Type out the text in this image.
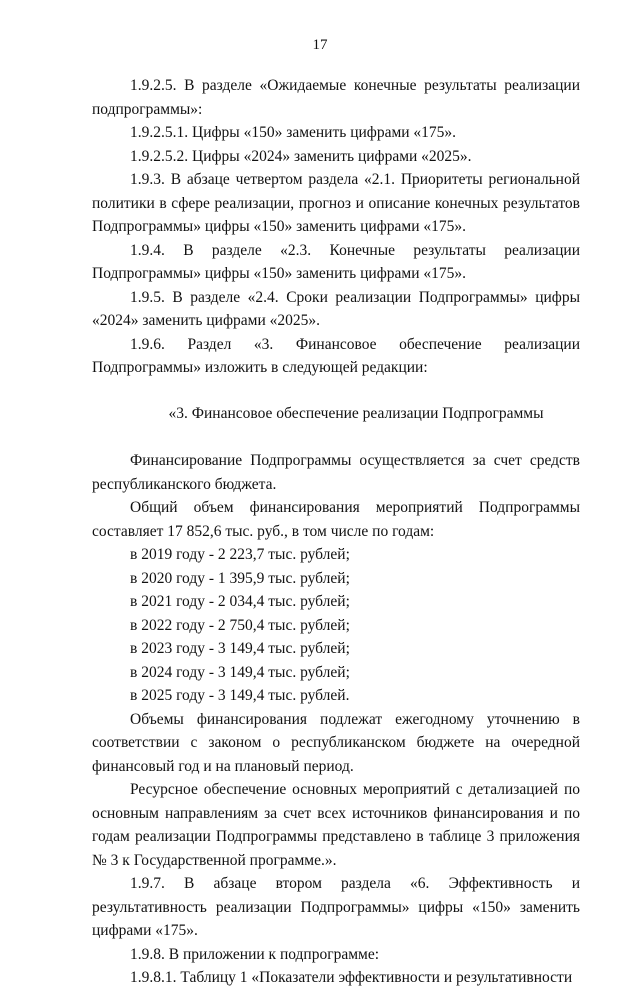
17

1.9.2.5. В разделе «Ожидаемые конечные результаты реализации подпрограммы»:

1.9.2.5.1. Цифры «150» заменить цифрами «175».

1.9.2.5.2. Цифры «2024» заменить цифрами «2025».

1.9.3. В абзаце четвертом раздела «2.1. Приоритеты региональной политики в сфере реализации, прогноз и описание конечных результатов Подпрограммы» цифры «150» заменить цифрами «175».

1.9.4. В разделе «2.3. Конечные результаты реализации Подпрограммы» цифры «150» заменить цифрами «175».

1.9.5. В разделе «2.4. Сроки реализации Подпрограммы» цифры «2024» заменить цифрами «2025».

1.9.6. Раздел «3. Финансовое обеспечение реализации Подпрограммы» изложить в следующей редакции:

«3. Финансовое обеспечение реализации Подпрограммы

Финансирование Подпрограммы осуществляется за счет средств республиканского бюджета.

Общий объем финансирования мероприятий Подпрограммы составляет 17 852,6 тыс. руб., в том числе по годам:

в 2019 году - 2 223,7 тыс. рублей;

в 2020 году - 1 395,9 тыс. рублей;

в 2021 году - 2 034,4 тыс. рублей;

в 2022 году - 2 750,4 тыс. рублей;

в 2023 году - 3 149,4 тыс. рублей;

в 2024 году - 3 149,4 тыс. рублей;

в 2025 году - 3 149,4 тыс. рублей.

Объемы финансирования подлежат ежегодному уточнению в соответствии с законом о республиканском бюджете на очередной финансовый год и на плановый период.

Ресурсное обеспечение основных мероприятий с детализацией по основным направлениям за счет всех источников финансирования и по годам реализации Подпрограммы представлено в таблице 3 приложения № 3 к Государственной программе.».

1.9.7. В абзаце втором раздела «6. Эффективность и результативность реализации Подпрограммы» цифры «150» заменить цифрами «175».

1.9.8. В приложении к подпрограмме:

1.9.8.1. Таблицу 1 «Показатели эффективности и результативности
